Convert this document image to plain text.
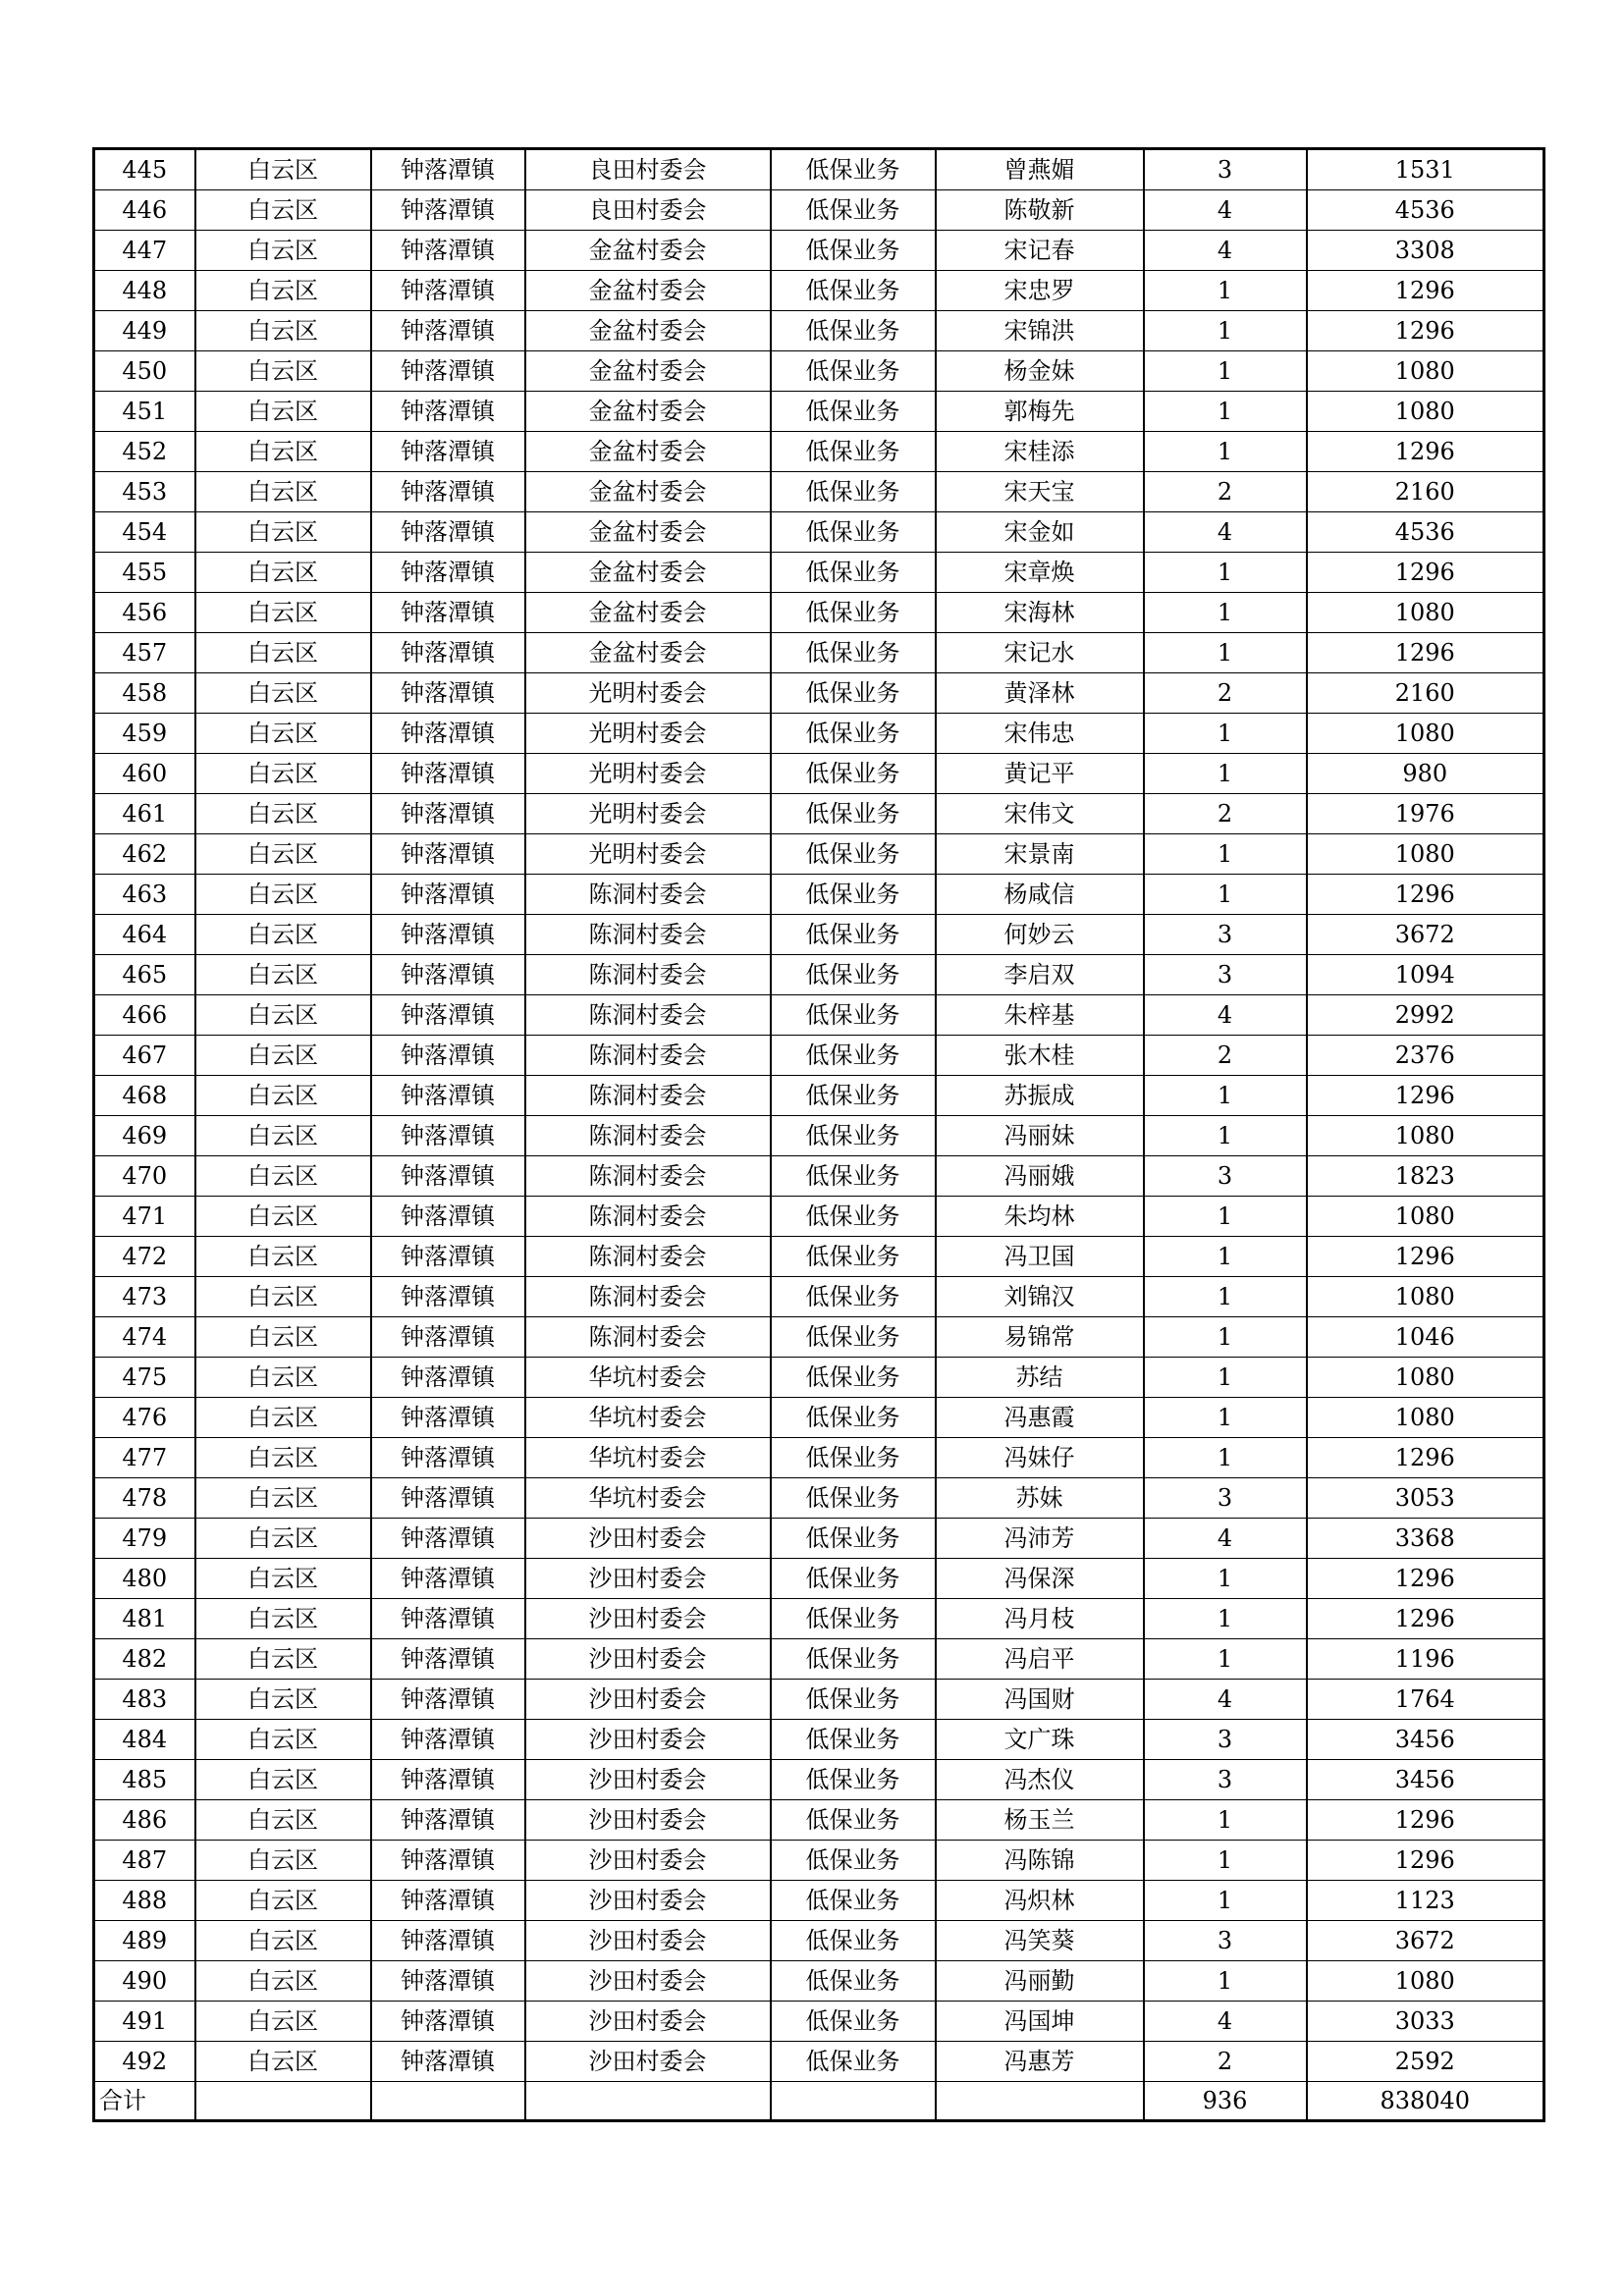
445	白云区	钟落潭镇	良田村委会	低保业务	曾燕媚	3	1531
446	白云区	钟落潭镇	良田村委会	低保业务	陈敬新	4	4536
447	白云区	钟落潭镇	金盆村委会	低保业务	宋记春	4	3308
448	白云区	钟落潭镇	金盆村委会	低保业务	宋忠罗	1	1296
449	白云区	钟落潭镇	金盆村委会	低保业务	宋锦洪	1	1296
450	白云区	钟落潭镇	金盆村委会	低保业务	杨金妹	1	1080
451	白云区	钟落潭镇	金盆村委会	低保业务	郭梅先	1	1080
452	白云区	钟落潭镇	金盆村委会	低保业务	宋桂添	1	1296
453	白云区	钟落潭镇	金盆村委会	低保业务	宋天宝	2	2160
454	白云区	钟落潭镇	金盆村委会	低保业务	宋金如	4	4536
455	白云区	钟落潭镇	金盆村委会	低保业务	宋章焕	1	1296
456	白云区	钟落潭镇	金盆村委会	低保业务	宋海林	1	1080
457	白云区	钟落潭镇	金盆村委会	低保业务	宋记水	1	1296
458	白云区	钟落潭镇	光明村委会	低保业务	黄泽林	2	2160
459	白云区	钟落潭镇	光明村委会	低保业务	宋伟忠	1	1080
460	白云区	钟落潭镇	光明村委会	低保业务	黄记平	1	980
461	白云区	钟落潭镇	光明村委会	低保业务	宋伟文	2	1976
462	白云区	钟落潭镇	光明村委会	低保业务	宋景南	1	1080
463	白云区	钟落潭镇	陈洞村委会	低保业务	杨咸信	1	1296
464	白云区	钟落潭镇	陈洞村委会	低保业务	何妙云	3	3672
465	白云区	钟落潭镇	陈洞村委会	低保业务	李启双	3	1094
466	白云区	钟落潭镇	陈洞村委会	低保业务	朱梓基	4	2992
467	白云区	钟落潭镇	陈洞村委会	低保业务	张木桂	2	2376
468	白云区	钟落潭镇	陈洞村委会	低保业务	苏振成	1	1296
469	白云区	钟落潭镇	陈洞村委会	低保业务	冯丽妹	1	1080
470	白云区	钟落潭镇	陈洞村委会	低保业务	冯丽娥	3	1823
471	白云区	钟落潭镇	陈洞村委会	低保业务	朱均林	1	1080
472	白云区	钟落潭镇	陈洞村委会	低保业务	冯卫国	1	1296
473	白云区	钟落潭镇	陈洞村委会	低保业务	刘锦汉	1	1080
474	白云区	钟落潭镇	陈洞村委会	低保业务	易锦常	1	1046
475	白云区	钟落潭镇	华坑村委会	低保业务	苏结	1	1080
476	白云区	钟落潭镇	华坑村委会	低保业务	冯惠霞	1	1080
477	白云区	钟落潭镇	华坑村委会	低保业务	冯妹仔	1	1296
478	白云区	钟落潭镇	华坑村委会	低保业务	苏妹	3	3053
479	白云区	钟落潭镇	沙田村委会	低保业务	冯沛芳	4	3368
480	白云区	钟落潭镇	沙田村委会	低保业务	冯保深	1	1296
481	白云区	钟落潭镇	沙田村委会	低保业务	冯月枝	1	1296
482	白云区	钟落潭镇	沙田村委会	低保业务	冯启平	1	1196
483	白云区	钟落潭镇	沙田村委会	低保业务	冯国财	4	1764
484	白云区	钟落潭镇	沙田村委会	低保业务	文广珠	3	3456
485	白云区	钟落潭镇	沙田村委会	低保业务	冯杰仪	3	3456
486	白云区	钟落潭镇	沙田村委会	低保业务	杨玉兰	1	1296
487	白云区	钟落潭镇	沙田村委会	低保业务	冯陈锦	1	1296
488	白云区	钟落潭镇	沙田村委会	低保业务	冯炽林	1	1123
489	白云区	钟落潭镇	沙田村委会	低保业务	冯笑葵	3	3672
490	白云区	钟落潭镇	沙田村委会	低保业务	冯丽勤	1	1080
491	白云区	钟落潭镇	沙田村委会	低保业务	冯国坤	4	3033
492	白云区	钟落潭镇	沙田村委会	低保业务	冯惠芳	2	2592
合计						936	838040
